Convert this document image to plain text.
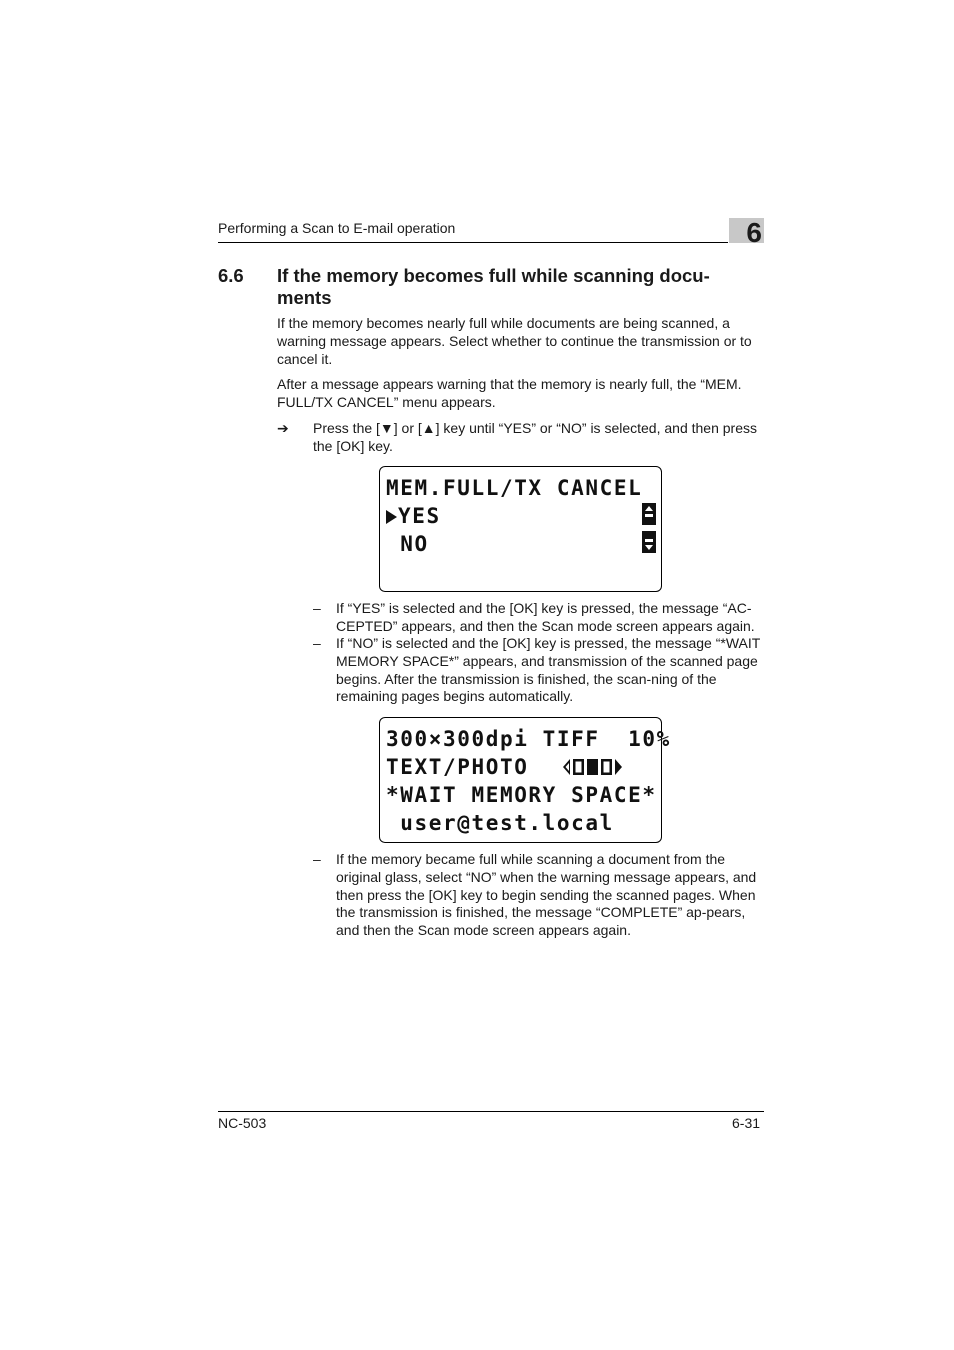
Performing a Scan to E-mail operation	6
6.6 If the memory becomes full while scanning docu-ments
If the memory becomes nearly full while documents are being scanned, a warning message appears. Select whether to continue the transmission or to cancel it.
After a message appears warning that the memory is nearly full, the “MEM. FULL/TX CANCEL” menu appears.
➔ Press the [▼] or [▲] key until “YES” or “NO” is selected, and then press the [OK] key.
MEM.FULL/TX CANCEL
YES
NO
– If “YES” is selected and the [OK] key is pressed, the message “AC-CEPTED” appears, and then the Scan mode screen appears again.
– If “NO” is selected and the [OK] key is pressed, the message “*WAIT MEMORY SPACE*” appears, and transmission of the scanned page begins. After the transmission is finished, the scan-ning of the remaining pages begins automatically.
300×300dpi TIFF  10%
TEXT/PHOTO
*WAIT MEMORY SPACE*
user@test.local
– If the memory became full while scanning a document from the original glass, select “NO” when the warning message appears, and then press the [OK] key to begin sending the scanned pages. When the transmission is finished, the message “COMPLETE” ap-pears, and then the Scan mode screen appears again.
NC-503	6-31
